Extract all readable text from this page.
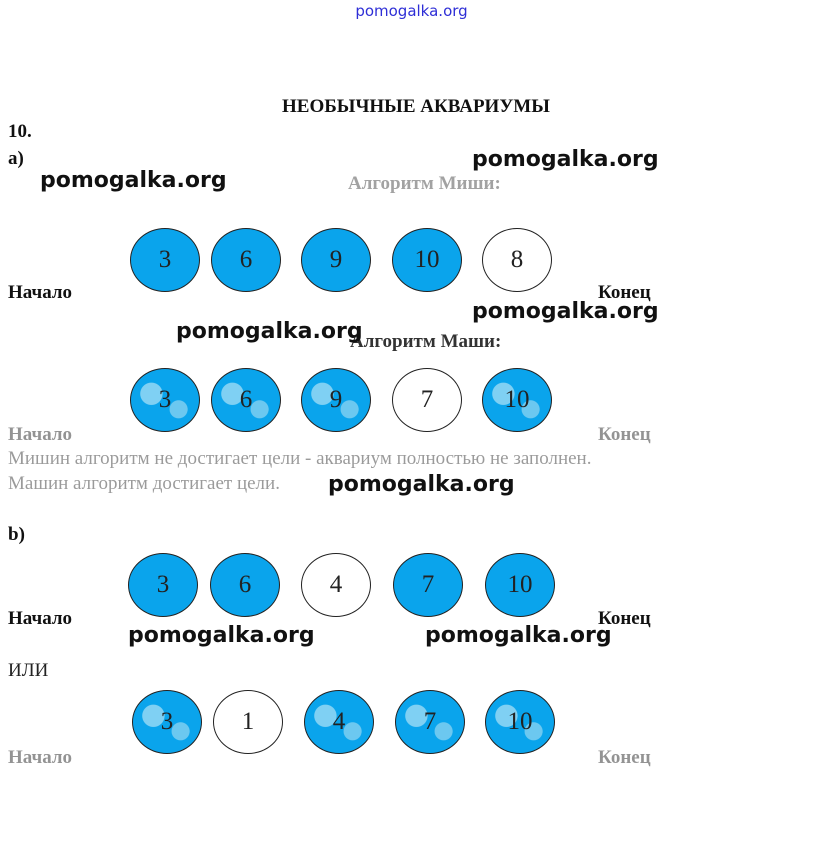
pomogalka.org
НЕОБЫЧНЫЕ АКВАРИУМЫ
10.
а)
Алгоритм Миши:
3	6	9	10	8
Начало	Конец
Алгоритм Маши:
3	6	9	7	10
Начало	Конец
Мишин алгоритм не достигает цели - аквариум полностью не заполнен.
Машин алгоритм достигает цели.
b)
3	6	4	7	10
Начало	Конец
ИЛИ
3	1	4	7	10
Начало	Конец
pomogalka.org
pomogalka.org
pomogalka.org
pomogalka.org
pomogalka.org
pomogalka.org	pomogalka.org
